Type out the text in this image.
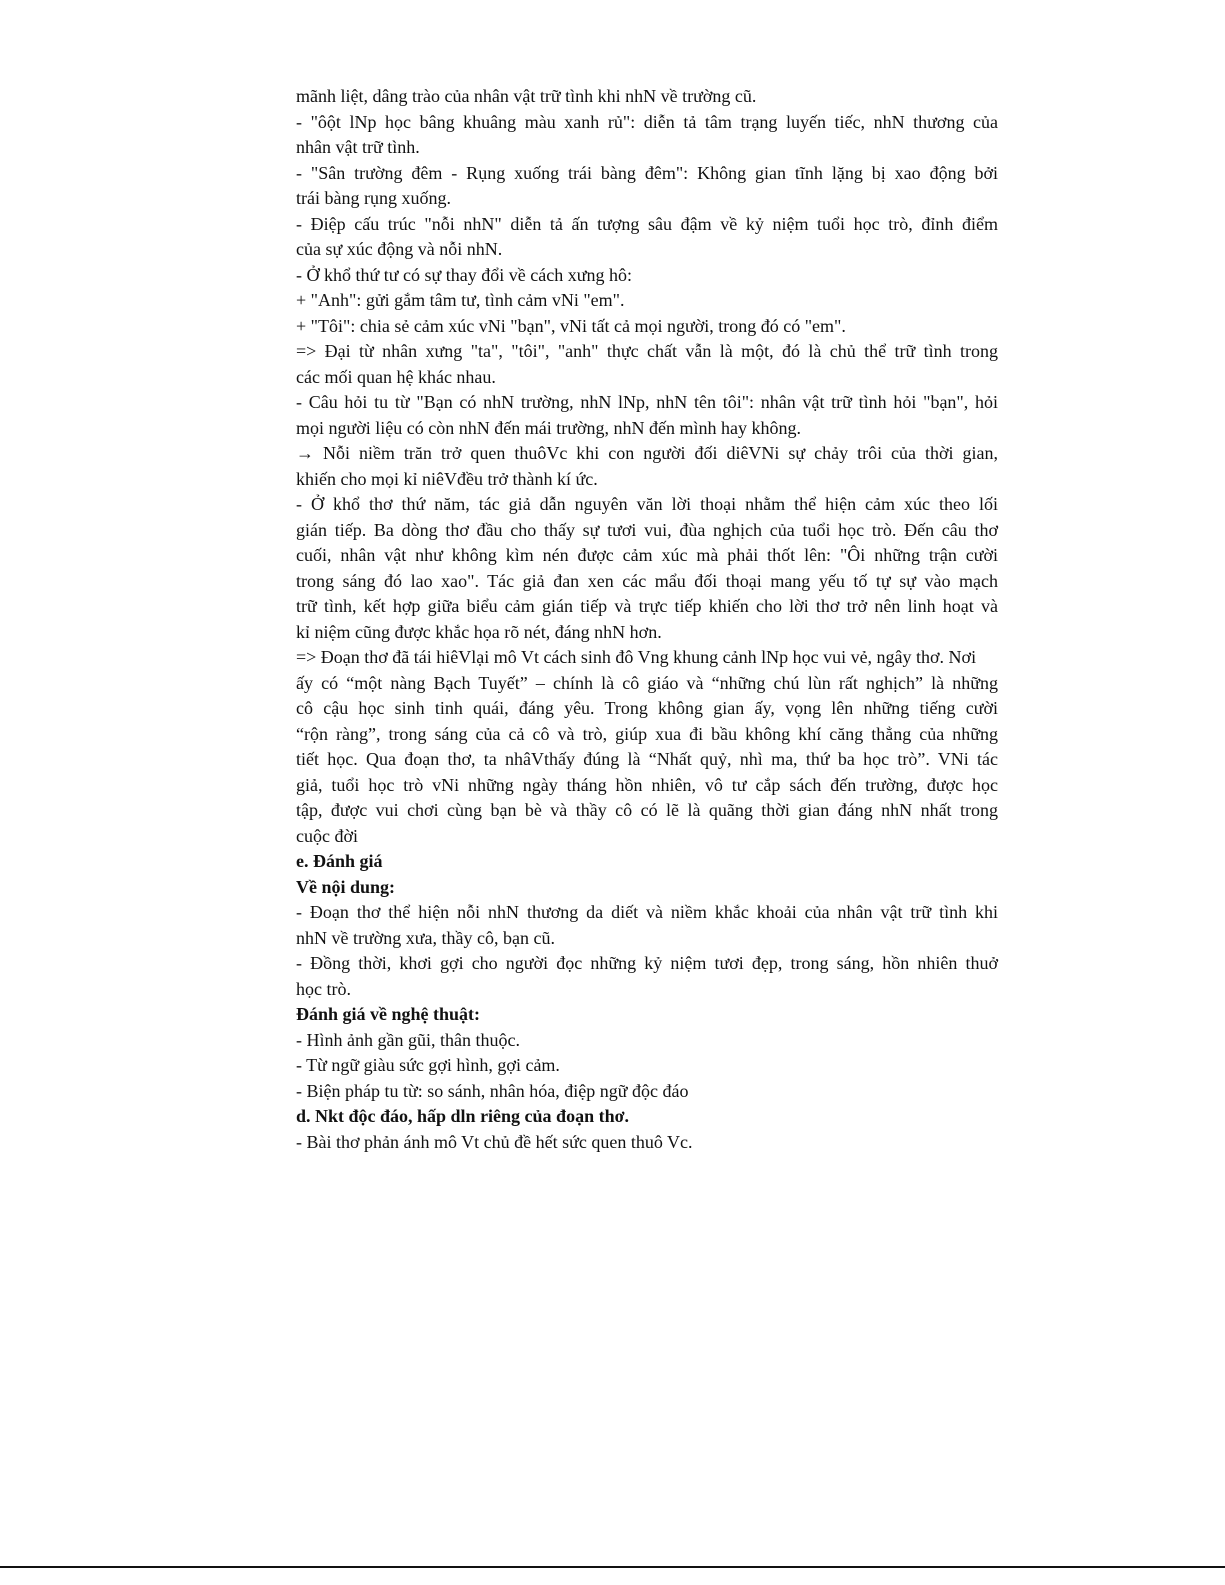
mãnh liệt, dâng trào của nhân vật trữ tình khi nhN về trường cũ.
- "ôột lNp học bâng khuâng màu xanh rủ": diễn tả tâm trạng luyến tiếc, nhN thương của
nhân vật trữ tình.
- "Sân trường đêm - Rụng xuống trái bàng đêm": Không gian tĩnh lặng bị xao động bởi
trái bàng rụng xuống.
- Điệp cấu trúc "nỗi nhN" diễn tả ấn tượng sâu đậm về kỷ niệm tuổi học trò, đỉnh điểm
của sự xúc động và nỗi nhN.
- Ở khổ thứ tư có sự thay đổi về cách xưng hô:
+ "Anh": gửi gắm tâm tư, tình cảm vNi "em".
+ "Tôi": chia sẻ cảm xúc vNi "bạn", vNi tất cả mọi người, trong đó có "em".
=> Đại từ nhân xưng "ta", "tôi", "anh" thực chất vẫn là một, đó là chủ thể trữ tình trong
các mối quan hệ khác nhau.
- Câu hỏi tu từ "Bạn có nhN trường, nhN lNp, nhN tên tôi": nhân vật trữ tình hỏi "bạn", hỏi
mọi người liệu có còn nhN đến mái trường, nhN đến mình hay không.
→ Nỗi niềm trăn trở quen thuôVc khi con người đối diêVNi sự chảy trôi của thời gian,
khiến cho mọi kỉ niêVđều trở thành kí ức.
- Ở khổ thơ thứ năm, tác giả dẫn nguyên văn lời thoại nhằm thể hiện cảm xúc theo lối
gián tiếp. Ba dòng thơ đầu cho thấy sự tươi vui, đùa nghịch của tuổi học trò. Đến câu thơ
cuối, nhân vật như không kìm nén được cảm xúc mà phải thốt lên: "Ôi những trận cười
trong sáng đó lao xao". Tác giả đan xen các mẩu đối thoại mang yếu tố tự sự vào mạch
trữ tình, kết hợp giữa biểu cảm gián tiếp và trực tiếp khiến cho lời thơ trở nên linh hoạt và
kỉ niệm cũng được khắc họa rõ nét, đáng nhN hơn.
=> Đoạn thơ đã tái hiêVlại mô Vt cách sinh đô Vng khung cảnh lNp học vui vẻ, ngây thơ. Nơi
ấy có “một nàng Bạch Tuyết” – chính là cô giáo và “những chú lùn rất nghịch” là những
cô cậu học sinh tinh quái, đáng yêu. Trong không gian ấy, vọng lên những tiếng cười
“rộn ràng”, trong sáng của cả cô và trò, giúp xua đi bầu không khí căng thẳng của những
tiết học. Qua đoạn thơ, ta nhâVthấy đúng là “Nhất quỷ, nhì ma, thứ ba học trò”. VNi tác
giả, tuổi học trò vNi những ngày tháng hồn nhiên, vô tư cắp sách đến trường, được học
tập, được vui chơi cùng bạn bè và thầy cô có lẽ là quãng thời gian đáng nhN nhất trong
cuộc đời
e. Đánh giá
Về nội dung:
- Đoạn thơ thể hiện nỗi nhN thương da diết và niềm khắc khoải của nhân vật trữ tình khi
nhN về trường xưa, thầy cô, bạn cũ.
- Đồng thời, khơi gợi cho người đọc những kỷ niệm tươi đẹp, trong sáng, hồn nhiên thuở
học trò.
Đánh giá về nghệ thuật:
- Hình ảnh gần gũi, thân thuộc.
- Từ ngữ giàu sức gợi hình, gợi cảm.
- Biện pháp tu từ: so sánh, nhân hóa, điệp ngữ độc đáo
d. Nkt độc đáo, hấp dln riêng của đoạn thơ.
- Bài thơ phản ánh mô Vt chủ đề hết sức quen thuô Vc.
